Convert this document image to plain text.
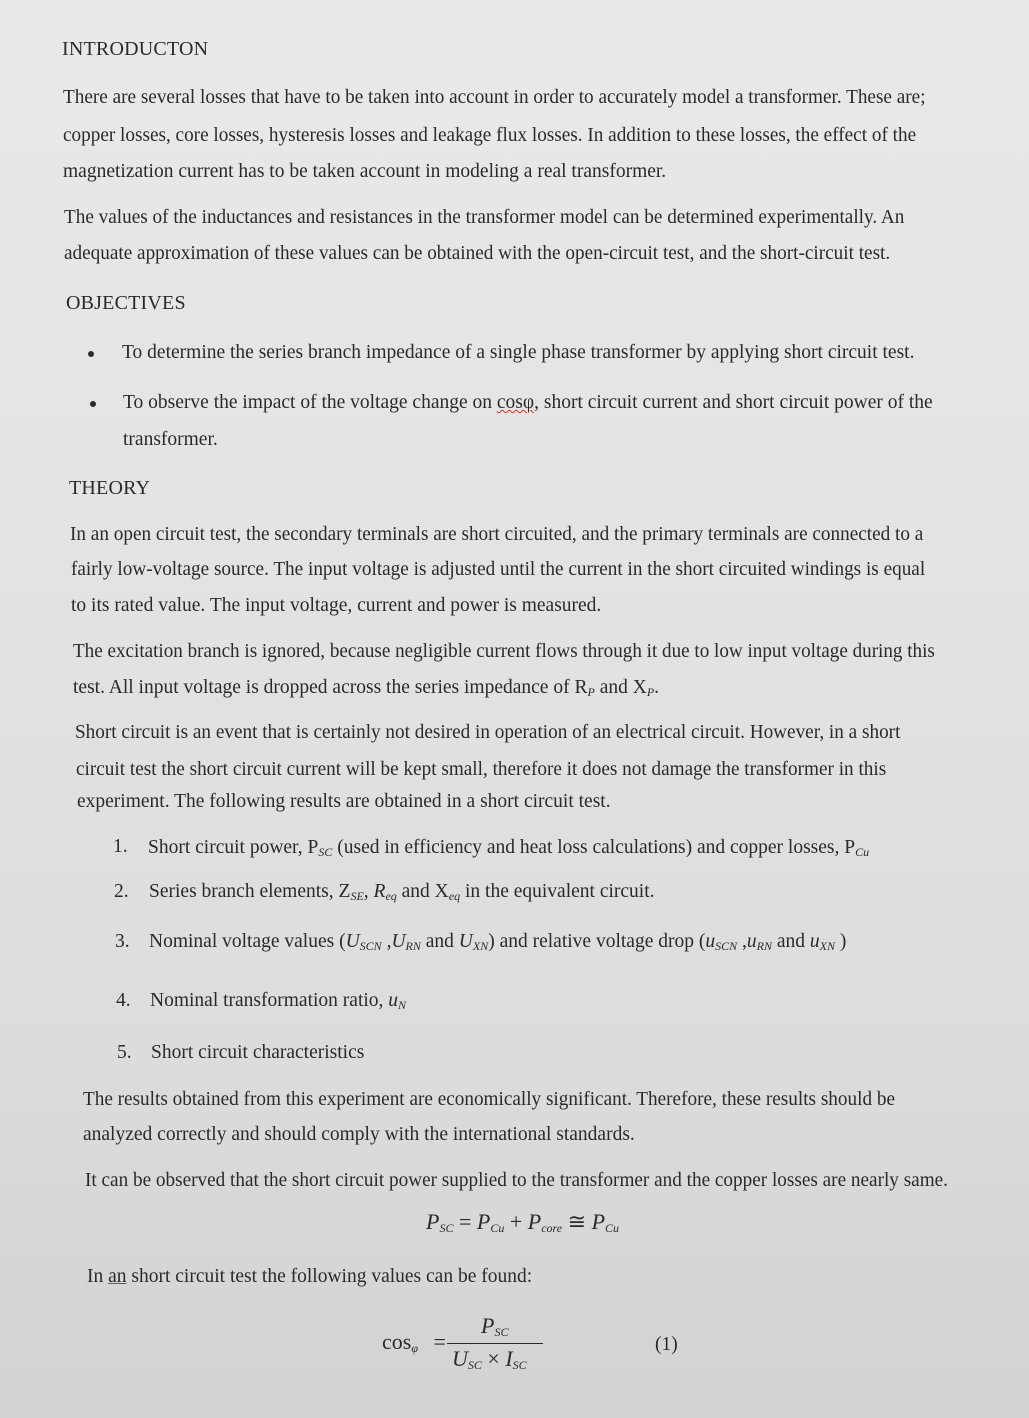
INTRODUCTON
There are several losses that have to be taken into account in order to accurately model a transformer. These are;
copper losses, core losses, hysteresis losses and leakage flux losses. In addition to these losses, the effect of the
magnetization current has to be taken account in modeling a real transformer.
The values of the inductances and resistances in the transformer model can be determined experimentally. An
adequate approximation of these values can be obtained with the open-circuit test, and the short-circuit test.
OBJECTIVES
To determine the series branch impedance of a single phase transformer by applying short circuit test.
To observe the impact of the voltage change on cosφ, short circuit current and short circuit power of the
transformer.
THEORY
In an open circuit test, the secondary terminals are short circuited, and the primary terminals are connected to a
fairly low-voltage source. The input voltage is adjusted until the current in the short circuited windings is equal
to its rated value. The input voltage, current and power is measured.
The excitation branch is ignored, because negligible current flows through it due to low input voltage during this
test. All input voltage is dropped across the series impedance of $R_P$ and $X_P$.
Short circuit is an event that is certainly not desired in operation of an electrical circuit. However, in a short
circuit test the short circuit current will be kept small, therefore it does not damage the transformer in this
experiment. The following results are obtained in a short circuit test.
1. Short circuit power, $P_{SC}$ (used in efficiency and heat loss calculations) and copper losses, $P_{Cu}$
2. Series branch elements, $Z_{SE}$, $R_{eq}$ and $X_{eq}$ in the equivalent circuit.
3. Nominal voltage values ($U_{SCN}$ $,U_{RN}$ and $U_{XN}$) and relative voltage drop ($u_{SCN}$ $,u_{RN}$ and $u_{XN}$ )
4. Nominal transformation ratio, $u_N$
5. Short circuit characteristics
The results obtained from this experiment are economically significant. Therefore, these results should be
analyzed correctly and should comply with the international standards.
It can be observed that the short circuit power supplied to the transformer and the copper losses are nearly same.
$P_{SC} = P_{Cu} + P_{core}$ ≅ $P_{Cu}$
In an short circuit test the following values can be found:
$\cos_\varphi$ =
$P_{SC}$
$U_{SC} \times I_{SC}$
(1)
